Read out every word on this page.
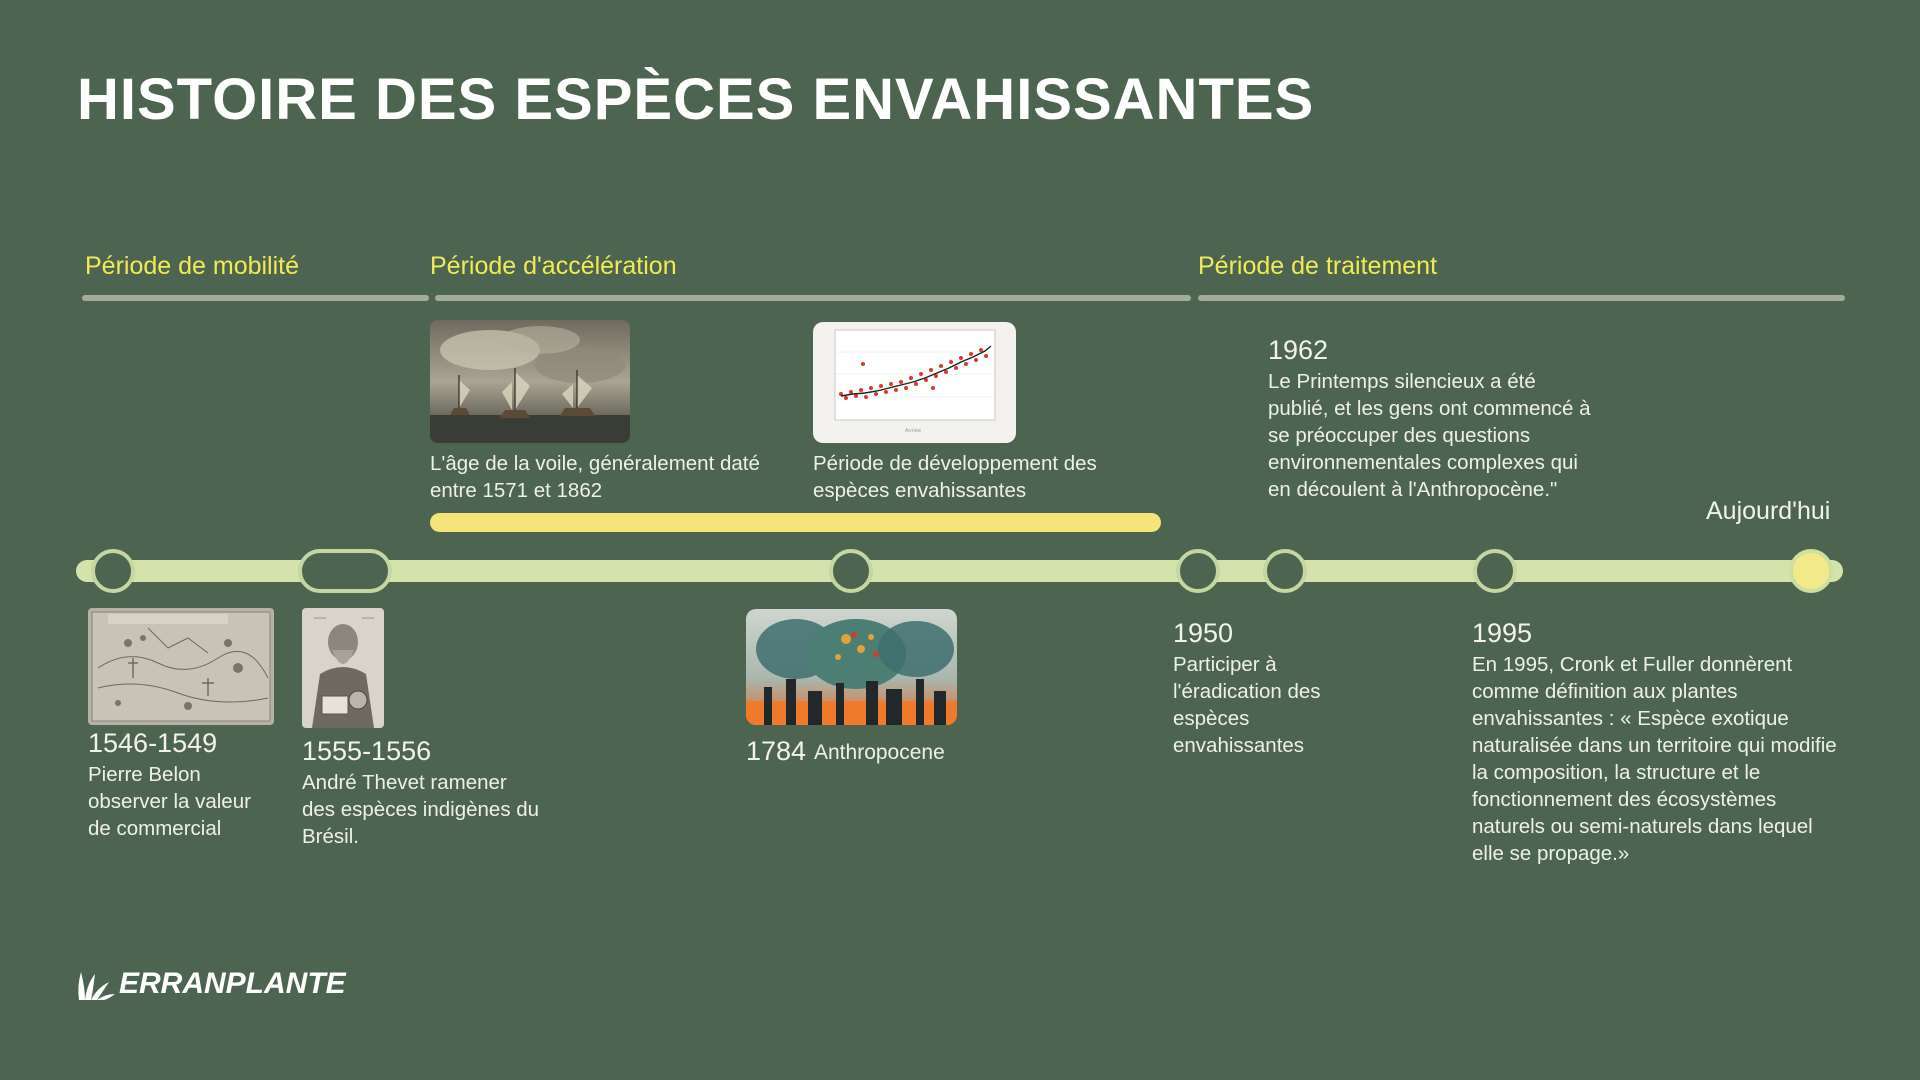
HISTOIRE DES ESPÈCES ENVAHISSANTES
Période de mobilité	Période d'accélération	Période de traitement
L'âge de la voile, généralement daté entre 1571 et 1862
Année
Période de développement des espèces envahissantes
1962
Le Printemps silencieux a été publié, et les gens ont commencé à se préoccuper des questions environnementales complexes qui en découlent à l'Anthropocène."
Aujourd'hui
1546-1549
Pierre Belon observer la valeur de commercial
1555-1556
André Thevet ramener des espèces indigènes du Brésil.
1784 Anthropocene
1950
Participer à l'éradication des espèces envahissantes
1995
En 1995, Cronk et Fuller donnèrent comme définition aux plantes envahissantes : « Espèce exotique naturalisée dans un territoire qui modifie la composition, la structure et le fonctionnement des écosystèmes naturels ou semi-naturels dans lequel elle se propage.»
ERRANPLANTE
